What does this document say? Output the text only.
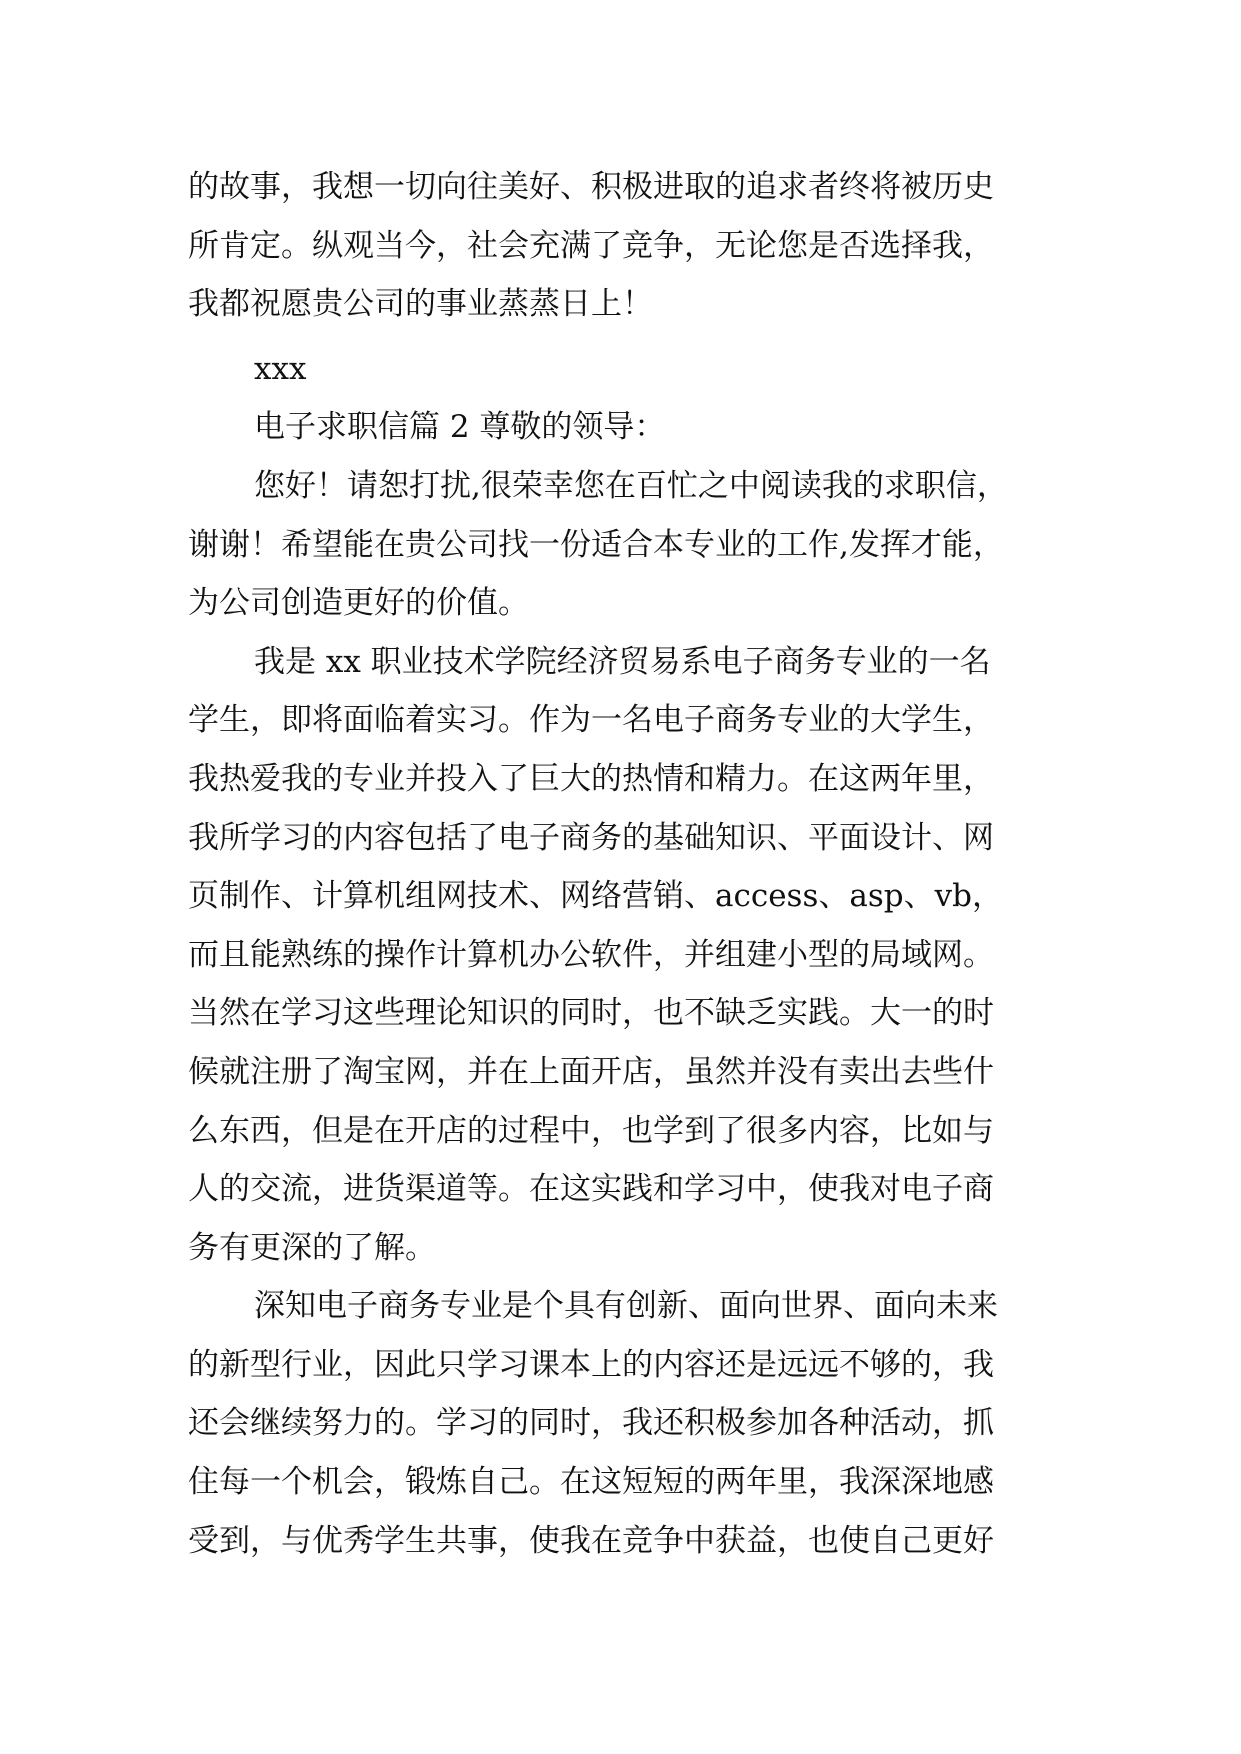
的故事，我想一切向往美好、积极进取的追求者终将被历史
所肯定。纵观当今，社会充满了竞争，无论您是否选择我，
我都祝愿贵公司的事业蒸蒸日上！
xxx
电子求职信篇 2 尊敬的领导：
您好！请恕打扰,很荣幸您在百忙之中阅读我的求职信，
谢谢！希望能在贵公司找一份适合本专业的工作,发挥才能，
为公司创造更好的价值。
我是 xx 职业技术学院经济贸易系电子商务专业的一名
学生，即将面临着实习。作为一名电子商务专业的大学生，
我热爱我的专业并投入了巨大的热情和精力。在这两年里，
我所学习的内容包括了电子商务的基础知识、平面设计、网
页制作、计算机组网技术、网络营销、access、asp、vb，
而且能熟练的操作计算机办公软件，并组建小型的局域网。
当然在学习这些理论知识的同时，也不缺乏实践。大一的时
候就注册了淘宝网，并在上面开店，虽然并没有卖出去些什
么东西，但是在开店的过程中，也学到了很多内容，比如与
人的交流，进货渠道等。在这实践和学习中，使我对电子商
务有更深的了解。
深知电子商务专业是个具有创新、面向世界、面向未来
的新型行业，因此只学习课本上的内容还是远远不够的，我
还会继续努力的。学习的同时，我还积极参加各种活动，抓
住每一个机会，锻炼自己。在这短短的两年里，我深深地感
受到，与优秀学生共事，使我在竞争中获益，也使自己更好
